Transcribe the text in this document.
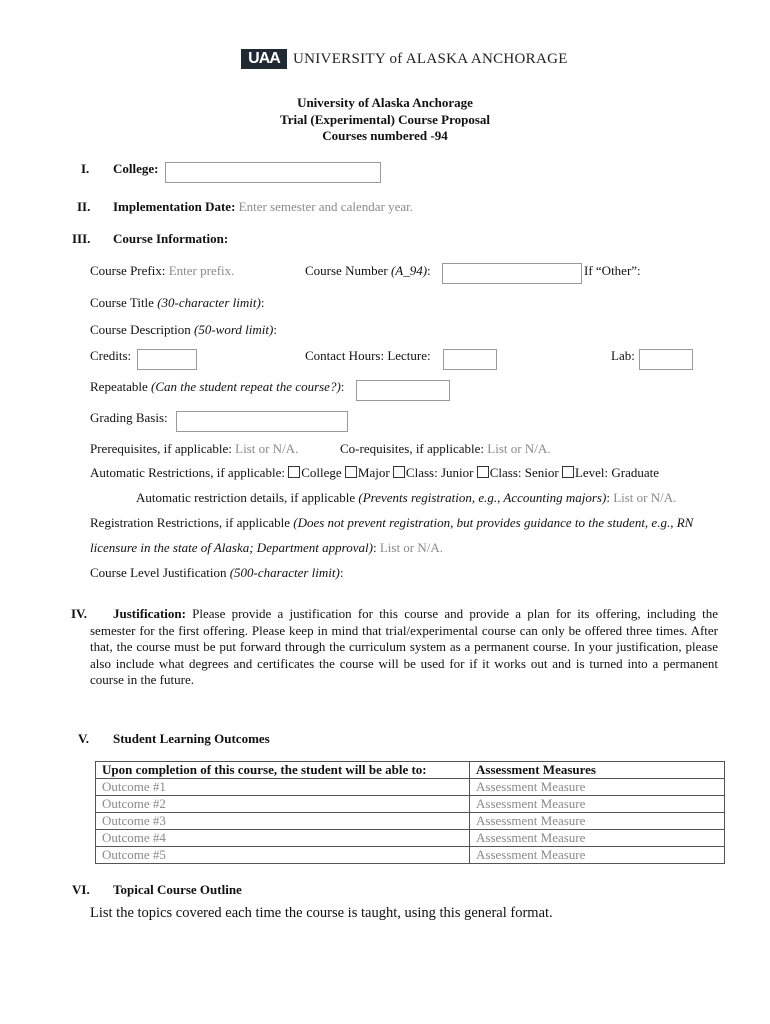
UAA UNIVERSITY of ALASKA ANCHORAGE
University of Alaska Anchorage
Trial (Experimental) Course Proposal
Courses numbered -94
I. College:
II. Implementation Date: Enter semester and calendar year.
III. Course Information:
Course Prefix: Enter prefix.	Course Number (A_94):	If “Other”:
Course Title (30-character limit):
Course Description (50-word limit):
Credits:	Contact Hours: Lecture:	Lab:
Repeatable (Can the student repeat the course?):
Grading Basis:
Prerequisites, if applicable: List or N/A.	Co-requisites, if applicable: List or N/A.
Automatic Restrictions, if applicable: College Major Class: Junior Class: Senior Level: Graduate
Automatic restriction details, if applicable (Prevents registration, e.g., Accounting majors): List or N/A.
Registration Restrictions, if applicable (Does not prevent registration, but provides guidance to the student, e.g., RN
licensure in the state of Alaska; Department approval): List or N/A.
Course Level Justification (500-character limit):
IV.	Justification: Please provide a justification for this course and provide a plan for its offering, including the semester for the first offering. Please keep in mind that trial/experimental course can only be offered three times. After that, the course must be put forward through the curriculum system as a permanent course. In your justification, please also include what degrees and certificates the course will be used for if it works out and is turned into a permanent course in the future.
V. Student Learning Outcomes
Upon completion of this course, the student will be able to:	Assessment Measures
Outcome #1	Assessment Measure
Outcome #2	Assessment Measure
Outcome #3	Assessment Measure
Outcome #4	Assessment Measure
Outcome #5	Assessment Measure
VI. Topical Course Outline
List the topics covered each time the course is taught, using this general format.
